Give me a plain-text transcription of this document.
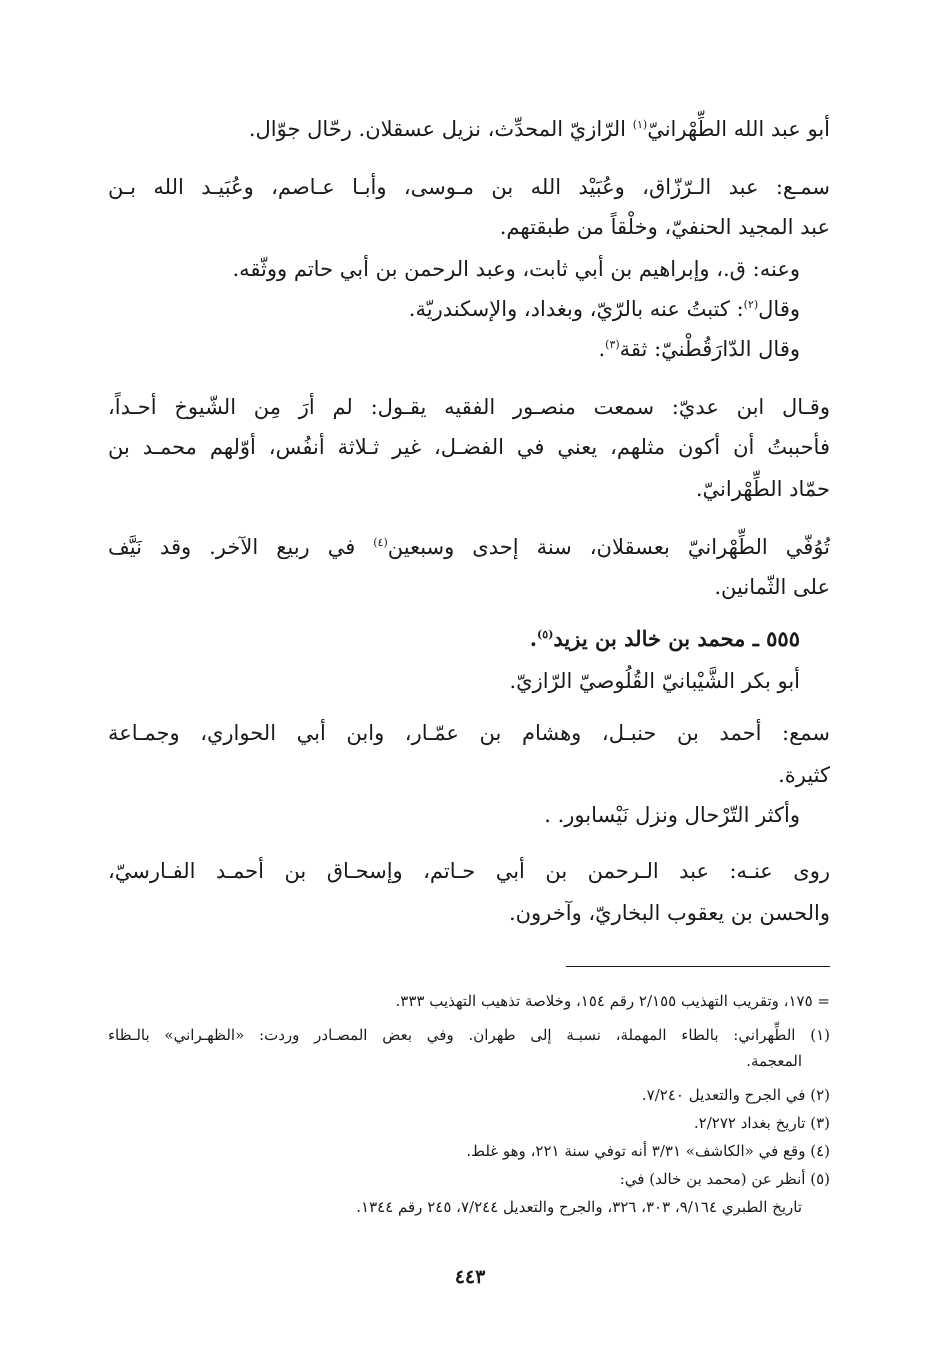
أبو عبد الله الطِّهْرانيّ$^{(١)}$ الرّازيّ المحدِّث، نزيل عسقلان. رحّال جوّال.
سمـع: عبد الـرّزّاق، وعُبَيْد الله بن مـوسى، وأبـا عـاصم، وعُبَيـد الله بـن
عبد المجيد الحنفيّ، وخلْقاً من طبقتهم.
وعنه: ق.، وإبراهيم بن أبي ثابت، وعبد الرحمن بن أبي حاتم ووثّقه.
وقال$^{(٢)}$: كتبتُ عنه بالرّيّ، وبغداد، والإسكندريّة.
وقال الدّارَقُطْنيّ: ثقة$^{(٣)}$.
وقـال ابن عديّ: سمعت منصـور الفقيه يقـول: لم أرَ مِن الشّيوخ أحـداً،
فأحببتُ أن أكون مثلهم، يعني في الفضـل، غير ثـلاثة أنفُس، أوّلهم محمـد بن
حمّاد الطِّهْرانيّ.
تُوُفّي الطِّهْرانيّ بعسقلان، سنة إحدى وسبعين$^{(٤)}$ في ربيع الآخر. وقد نَيَّف
على الثّمانين.
٥٥٥ ـ محمد بن خالد بن يزيد$^{(٥)}$.
أبو بكر الشَّيْبانيّ القُلُوصيّ الرّازيّ.
سمع: أحمد بن حنبـل، وهشام بن عمّـار، وابن أبي الحواري، وجمـاعة
كثيرة.
وأكثر التّرْحال ونزل نَيْسابور. .
روى عنـه: عبد الـرحمن بن أبي حـاتم، وإسحـاق بن أحمـد الفـارسيّ،
والحسن بن يعقوب البخاريّ، وآخرون.
= ١٧٥، وتقريب التهذيب ٢/١٥٥ رقم ١٥٤، وخلاصة تذهيب التهذيب ٣٣٣.
(١) الطِّهراني: بالطاء المهملة، نسبـة إلى طهران. وفي بعض المصـادر وردت: «الظهـراني» بالـظاء
المعجمة.
(٢) في الجرح والتعديل ٧/٢٤٠.
(٣) تاريخ بغداد ٢/٢٧٢.
(٤) وقع في «الكاشف» ٣/٣١ أنه توفي سنة ٢٢١، وهو غلط.
(٥) أنظر عن (محمد بن خالد) في:
تاريخ الطبري ٩/١٦٤، ٣٠٣، ٣٢٦، والجرح والتعديل ٧/٢٤٤، ٢٤٥ رقم ١٣٤٤.
٤٤٣
